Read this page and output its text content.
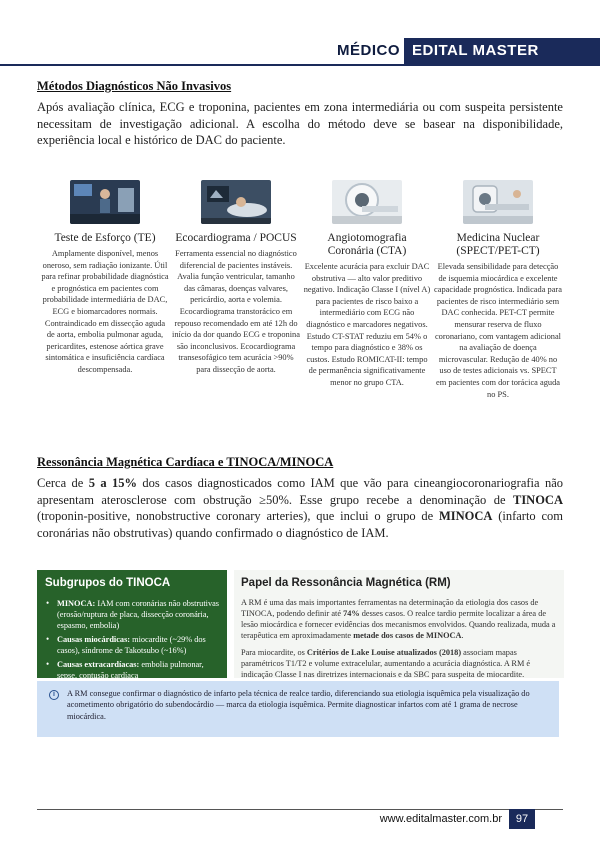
MÉDICO EDITAL MASTER
Métodos Diagnósticos Não Invasivos
Após avaliação clínica, ECG e troponina, pacientes em zona intermediária ou com suspeita persistente necessitam de investigação adicional. A escolha do método deve se basear na disponibilidade, experiência local e histórico de DAC do paciente.
Teste de Esforço (TE)
Amplamente disponível, menos oneroso, sem radiação ionizante. Útil para refinar probabilidade diagnóstica e prognóstica em pacientes com probabilidade intermediária de DAC, ECG e biomarcadores normais. Contraindicado em dissecção aguda de aorta, embolia pulmonar aguda, pericardites, estenose aórtica grave sintomática e insuficiência cardíaca descompensada.
Ecocardiograma / POCUS
Ferramenta essencial no diagnóstico diferencial de pacientes instáveis. Avalia função ventricular, tamanho das câmaras, doenças valvares, pericárdio, aorta e volemia. Ecocardiograma transtorácico em repouso recomendado em até 12h do início da dor quando ECG e troponina são inconclusivos. Ecocardiograma transesofágico tem acurácia >90% para dissecção de aorta.
Angiotomografia Coronária (CTA)
Excelente acurácia para excluir DAC obstrutiva — alto valor preditivo negativo. Indicação Classe I (nível A) para pacientes de risco baixo a intermediário com ECG não diagnóstico e marcadores negativos. Estudo CT-STAT reduziu em 54% o tempo para diagnóstico e 38% os custos. Estudo ROMICAT-II: tempo de permanência significativamente menor no grupo CTA.
Medicina Nuclear (SPECT/PET-CT)
Elevada sensibilidade para detecção de isquemia miocárdica e excelente capacidade prognóstica. Indicada para pacientes de risco intermediário sem DAC conhecida. PET-CT permite mensurar reserva de fluxo coronariano, com vantagem adicional na avaliação de doença microvascular. Redução de 40% no uso de testes adicionais vs. SPECT em pacientes com dor torácica aguda no PS.
Ressonância Magnética Cardíaca e TINOCA/MINOCA
Cerca de 5 a 15% dos casos diagnosticados como IAM que vão para cineangiocoronariografia não apresentam aterosclerose com obstrução ≥50%. Esse grupo recebe a denominação de TINOCA (troponin-positive, nonobstructive coronary arteries), que inclui o grupo de MINOCA (infarto com coronárias não obstrutivas) quando confirmado o diagnóstico de IAM.
Subgrupos do TINOCA
• MINOCA: IAM com coronárias não obstrutivas (erosão/ruptura de placa, dissecção coronária, espasmo, embolia)
• Causas miocárdicas: miocardite (~29% dos casos), síndrome de Takotsubo (~16%)
• Causas extracardíacas: embolia pulmonar, sepse, contusão cardíaca
Papel da Ressonância Magnética (RM)
A RM é uma das mais importantes ferramentas na determinação da etiologia dos casos de TINOCA, podendo definir até 74% desses casos. O realce tardio permite localizar a área de lesão miocárdica e fornecer evidências dos mecanismos envolvidos. Quando realizada, muda a terapêutica em aproximadamente metade dos casos de MINOCA.
Para miocardite, os Critérios de Lake Louise atualizados (2018) associam mapas paramétricos T1/T2 e volume extracelular, aumentando a acurácia diagnóstica. A RM é indicação Classe I nas diretrizes internacionais e da SBC para suspeita de miocardite.
i	A RM consegue confirmar o diagnóstico de infarto pela técnica de realce tardio, diferenciando sua etiologia isquêmica pela visualização do acometimento obrigatório do subendocárdio — marca da etiologia isquêmica. Permite diagnosticar infartos com até 1 grama de necrose miocárdica.
www.editalmaster.com.br	97
